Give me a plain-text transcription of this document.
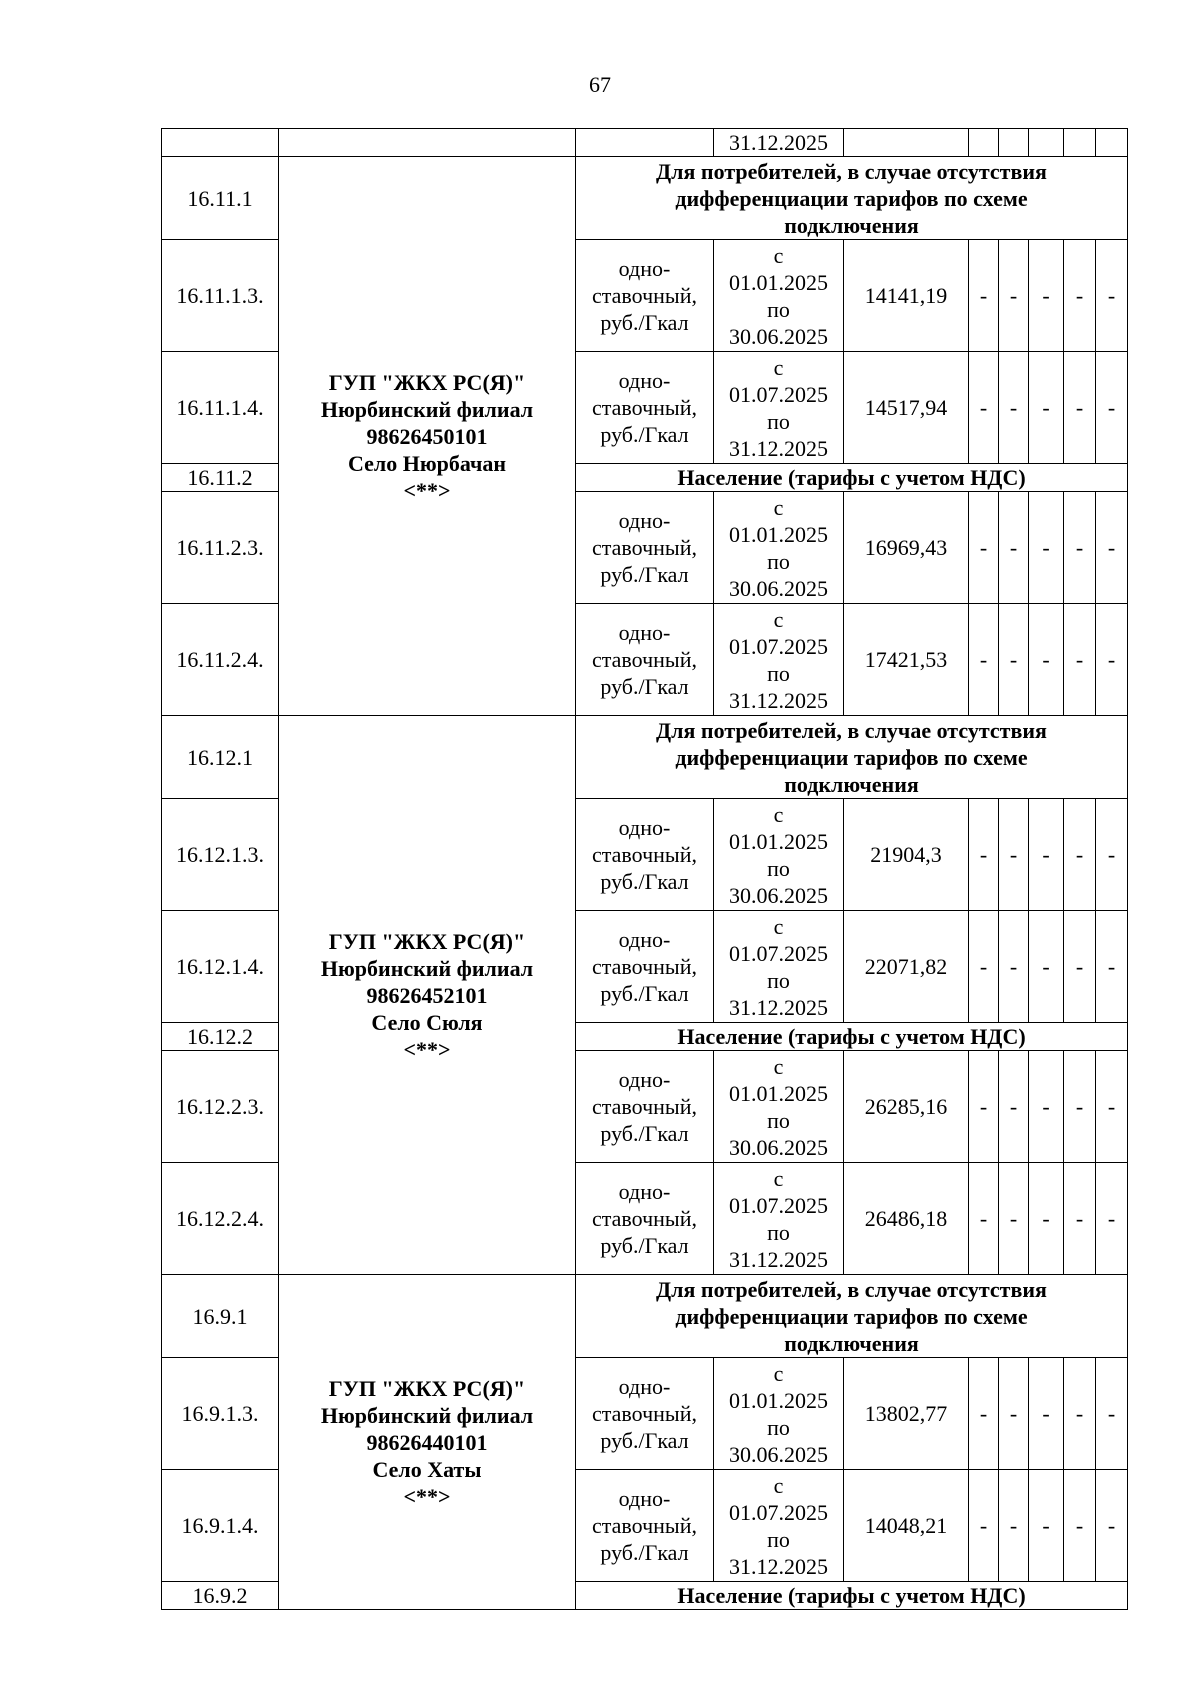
67
			31.12.2025						
16.11.1	ГУП "ЖКХ РС(Я)"
Нюрбинский филиал
98626450101
Село Нюрбачан
<**>	Для потребителей, в случае отсутствия
дифференциации тарифов по схеме
подключения							

16.11.1.3.		одно-
ставочный,
руб./Гкал	с
01.01.2025
по
30.06.2025	14141,19	-	-	-	-	-
16.11.1.4.		одно-
ставочный,
руб./Гкал	с
01.07.2025
по
31.12.2025	14517,94	-	-	-	-	-
16.11.2		Население (тарифы с учетом НДС)							
16.11.2.3.		одно-
ставочный,
руб./Гкал	с
01.01.2025
по
30.06.2025	16969,43	-	-	-	-	-
16.11.2.4.		одно-
ставочный,
руб./Гкал	с
01.07.2025
по
31.12.2025	17421,53	-	-	-	-	-
16.12.1	ГУП "ЖКХ РС(Я)"
Нюрбинский филиал
98626452101
Село Сюля
<**>	Для потребителей, в случае отсутствия
дифференциации тарифов по схеме
подключения							

16.12.1.3.		одно-
ставочный,
руб./Гкал	с
01.01.2025
по
30.06.2025	21904,3	-	-	-	-	-
16.12.1.4.		одно-
ставочный,
руб./Гкал	с
01.07.2025
по
31.12.2025	22071,82	-	-	-	-	-
16.12.2		Население (тарифы с учетом НДС)							
16.12.2.3.		одно-
ставочный,
руб./Гкал	с
01.01.2025
по
30.06.2025	26285,16	-	-	-	-	-
16.12.2.4.		одно-
ставочный,
руб./Гкал	с
01.07.2025
по
31.12.2025	26486,18	-	-	-	-	-
16.9.1	ГУП "ЖКХ РС(Я)"
Нюрбинский филиал
98626440101
Село Хаты
<**>	Для потребителей, в случае отсутствия
дифференциации тарифов по схеме
подключения							

16.9.1.3.		одно-
ставочный,
руб./Гкал	с
01.01.2025
по
30.06.2025	13802,77	-	-	-	-	-
16.9.1.4.		одно-
ставочный,
руб./Гкал	с
01.07.2025
по
31.12.2025	14048,21	-	-	-	-	-
16.9.2		Население (тарифы с учетом НДС)							
